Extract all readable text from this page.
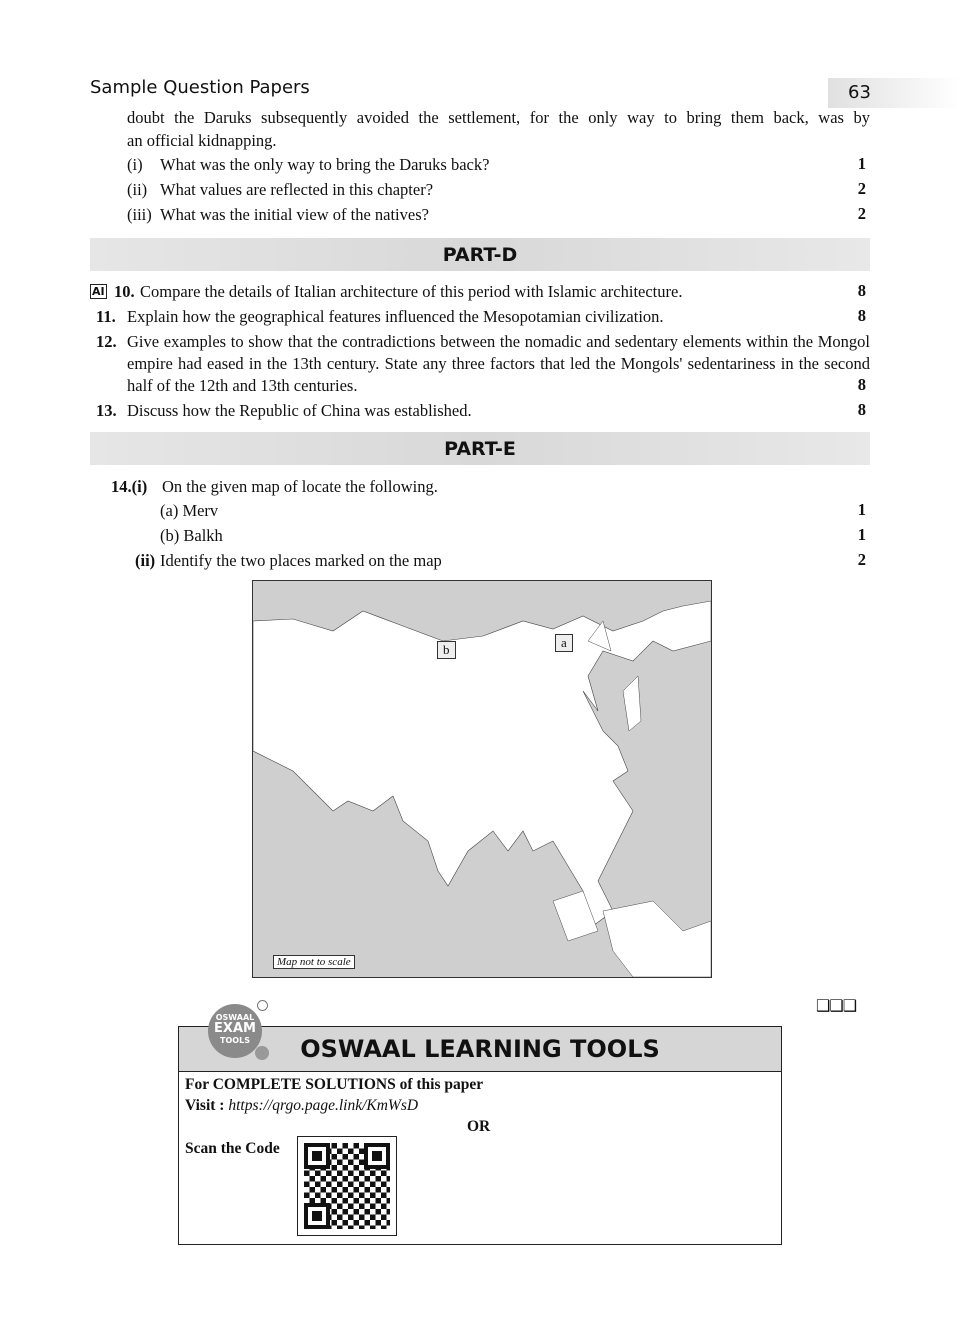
Sample Question Papers	63
doubt the Daruks subsequently avoided the settlement, for the only way to bring them back, was by
an official kidnapping.
(i) What was the only way to bring the Daruks back?	1
(ii) What values are reflected in this chapter?	2
(iii) What was the initial view of the natives?	2
PART-D
AI 10. Compare the details of Italian architecture of this period with Islamic architecture.	8
11. Explain how the geographical features influenced the Mesopotamian civilization.	8
12. Give examples to show that the contradictions between the nomadic and sedentary elements within the Mongol empire had eased in the 13th century. State any three factors that led the Mongols' sedentariness in the second half of the 12th and 13th centuries.	8
13. Discuss how the Republic of China was established.	8
PART-E
14.(i) On the given map of locate the following.
(a) Merv	1
(b) Balkh	1
(ii) Identify the two places marked on the map	2
b	a
Map not to scale
❑❑❑
OSWAAL LEARNING TOOLS
For COMPLETE SOLUTIONS of this paper
Visit : https://qrgo.page.link/KmWsD
OR
Scan the Code
OSWAAL
EXAM
TOOLS
